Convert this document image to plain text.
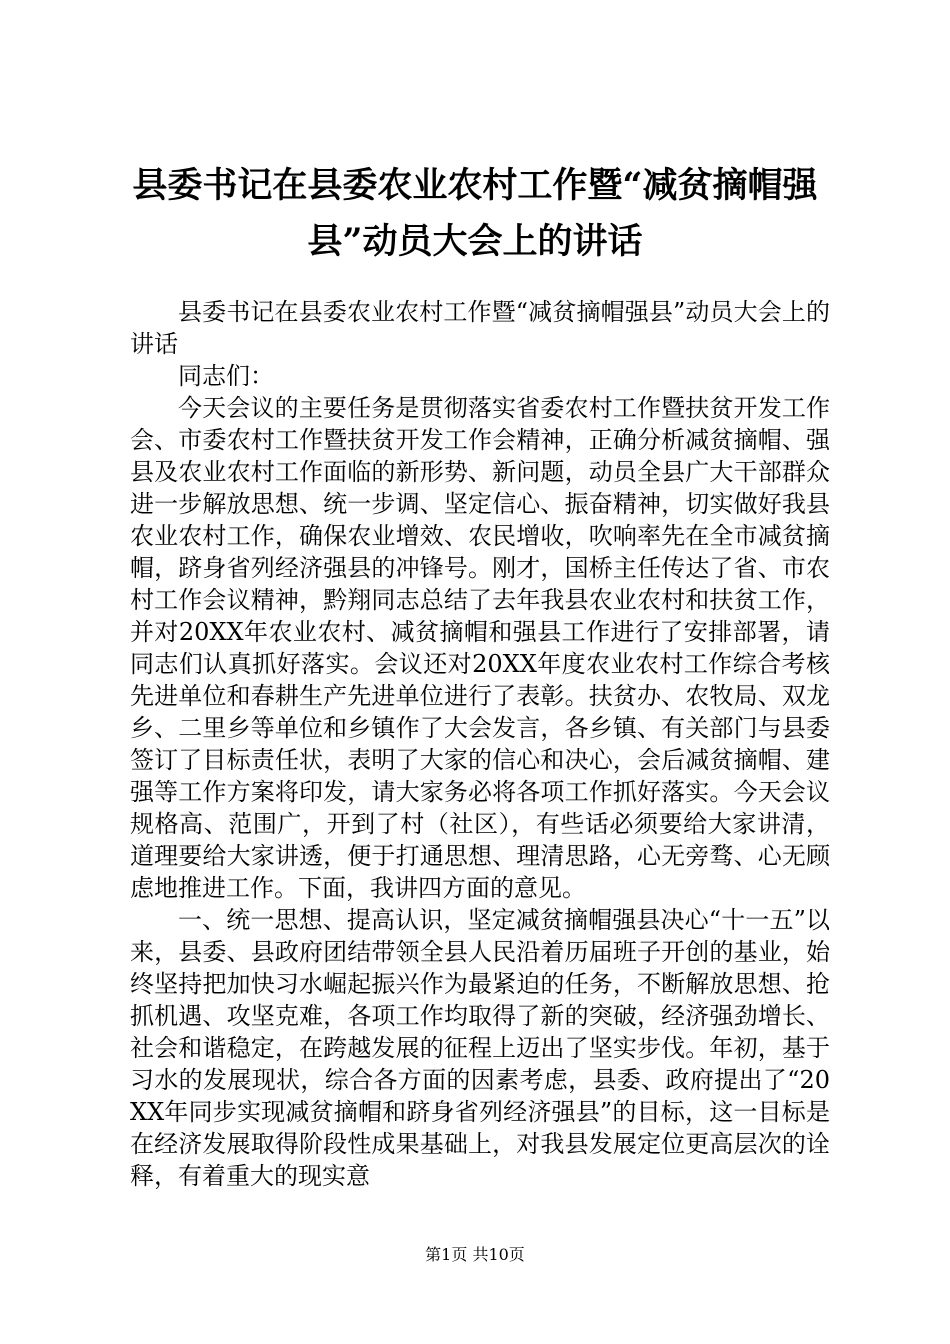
县委书记在县委农业农村工作暨“减贫摘帽强县”动员大会上的讲话

县委书记在县委农业农村工作暨“减贫摘帽强县”动员大会上的讲话

同志们：

今天会议的主要任务是贯彻落实省委农村工作暨扶贫开发工作会、市委农村工作暨扶贫开发工作会精神，正确分析减贫摘帽、强县及农业农村工作面临的新形势、新问题，动员全县广大干部群众进一步解放思想、统一步调、坚定信心、振奋精神，切实做好我县农业农村工作，确保农业增效、农民增收，吹响率先在全市减贫摘帽，跻身省列经济强县的冲锋号。刚才，国桥主任传达了省、市农村工作会议精神，黔翔同志总结了去年我县农业农村和扶贫工作，并对20XX年农业农村、减贫摘帽和强县工作进行了安排部署，请同志们认真抓好落实。会议还对20XX年度农业农村工作综合考核先进单位和春耕生产先进单位进行了表彰。扶贫办、农牧局、双龙乡、二里乡等单位和乡镇作了大会发言，各乡镇、有关部门与县委签订了目标责任状，表明了大家的信心和决心，会后减贫摘帽、建强等工作方案将印发，请大家务必将各项工作抓好落实。今天会议规格高、范围广，开到了村（社区），有些话必须要给大家讲清，道理要给大家讲透，便于打通思想、理清思路，心无旁骛、心无顾虑地推进工作。下面，我讲四方面的意见。

一、统一思想、提高认识，坚定减贫摘帽强县决心“十一五”以来，县委、县政府团结带领全县人民沿着历届班子开创的基业，始终坚持把加快习水崛起振兴作为最紧迫的任务，不断解放思想、抢抓机遇、攻坚克难，各项工作均取得了新的突破，经济强劲增长、社会和谐稳定，在跨越发展的征程上迈出了坚实步伐。年初，基于习水的发展现状，综合各方面的因素考虑，县委、政府提出了“20XX年同步实现减贫摘帽和跻身省列经济强县”的目标，这一目标是在经济发展取得阶段性成果基础上，对我县发展定位更高层次的诠释，有着重大的现实意

第1页 共10页
